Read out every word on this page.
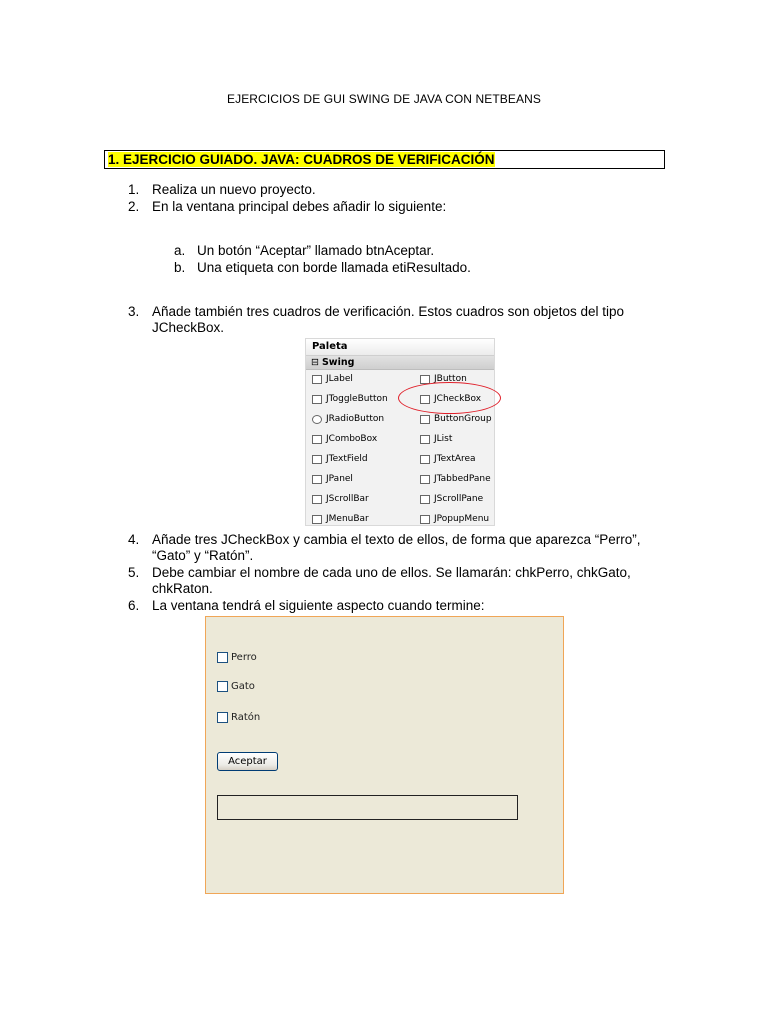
EJERCICIOS DE GUI SWING DE JAVA CON NETBEANS
1. EJERCICIO GUIADO. JAVA: CUADROS DE VERIFICACIÓN
1. Realiza un nuevo proyecto.
2. En la ventana principal debes añadir lo siguiente:
a. Un botón “Aceptar” llamado btnAceptar.
b. Una etiqueta con borde llamada etiResultado.
3. Añade también tres cuadros de verificación. Estos cuadros son objetos del tipo
JCheckBox.
Paleta
⊟ Swing
JLabel
JToggleButton
JRadioButton
JComboBox
JTextField
JPanel
JScrollBar
JMenuBar
JButton
JCheckBox
ButtonGroup
JList
JTextArea
JTabbedPane
JScrollPane
JPopupMenu
4. Añade tres JCheckBox y cambia el texto de ellos, de forma que aparezca “Perro”,
“Gato” y “Ratón”.
5. Debe cambiar el nombre de cada uno de ellos. Se llamarán: chkPerro, chkGato,
chkRaton.
6. La ventana tendrá el siguiente aspecto cuando termine:
Perro
Gato
Ratón
Aceptar
